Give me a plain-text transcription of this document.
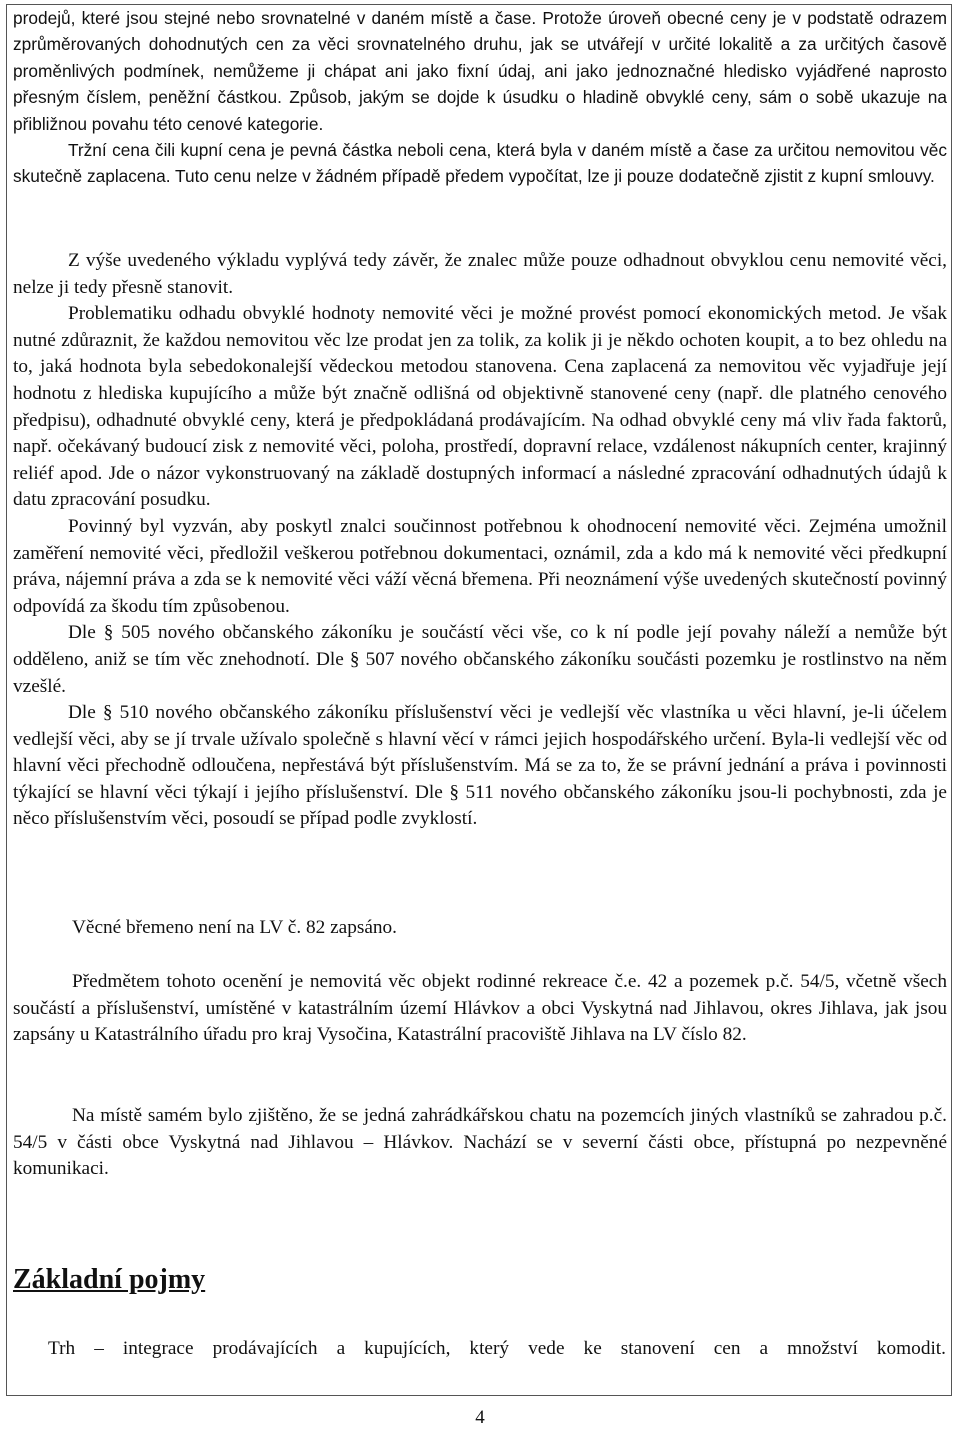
prodejů, které jsou stejné nebo srovnatelné v daném místě a čase. Protože úroveň obecné ceny je v podstatě odrazem zprůměrovaných dohodnutých cen za věci srovnatelného druhu, jak se utvářejí v určité lokalitě a za určitých časově proměnlivých podmínek, nemůžeme ji chápat ani jako fixní údaj, ani jako jednoznačné hledisko vyjádřené naprosto přesným číslem, peněžní částkou. Způsob, jakým se dojde k úsudku o hladině obvyklé ceny, sám o sobě ukazuje na přibližnou povahu této cenové kategorie.

Tržní cena čili kupní cena je pevná částka neboli cena, která byla v daném místě a čase za určitou nemovitou věc skutečně zaplacena. Tuto cenu nelze v žádném případě předem vypočítat, lze ji pouze dodatečně zjistit z kupní smlouvy.

Z výše uvedeného výkladu vyplývá tedy závěr, že znalec může pouze odhadnout obvyklou cenu nemovité věci, nelze ji tedy přesně stanovit.

Problematiku odhadu obvyklé hodnoty nemovité věci je možné provést pomocí ekonomických metod. Je však nutné zdůraznit, že každou nemovitou věc lze prodat jen za tolik, za kolik ji je někdo ochoten koupit, a to bez ohledu na to, jaká hodnota byla sebedokonalejší vědeckou metodou stanovena. Cena zaplacená za nemovitou věc vyjadřuje její hodnotu z hlediska kupujícího a může být značně odlišná od objektivně stanovené ceny (např. dle platného cenového předpisu), odhadnuté obvyklé ceny, která je předpokládaná prodávajícím. Na odhad obvyklé ceny má vliv řada faktorů, např. očekávaný budoucí zisk z nemovité věci, poloha, prostředí, dopravní relace, vzdálenost nákupních center, krajinný reliéf apod. Jde o názor vykonstruovaný na základě dostupných informací a následné zpracování odhadnutých údajů k datu zpracování posudku.

Povinný byl vyzván, aby poskytl znalci součinnost potřebnou k ohodnocení nemovité věci. Zejména umožnil zaměření nemovité věci, předložil veškerou potřebnou dokumentaci, oznámil, zda a kdo má k nemovité věci předkupní práva, nájemní práva a zda se k nemovité věci váží věcná břemena. Při neoznámení výše uvedených skutečností povinný odpovídá za škodu tím způsobenou.

Dle § 505 nového občanského zákoníku je součástí věci vše, co k ní podle její povahy náleží a nemůže být odděleno, aniž se tím věc znehodnotí. Dle § 507 nového občanského zákoníku součásti pozemku je rostlinstvo na něm vzešlé.

Dle § 510 nového občanského zákoníku příslušenství věci je vedlejší věc vlastníka u věci hlavní, je-li účelem vedlejší věci, aby se jí trvale užívalo společně s hlavní věcí v rámci jejich hospodářského určení. Byla-li vedlejší věc od hlavní věci přechodně odloučena, nepřestává být příslušenstvím. Má se za to, že se právní jednání a práva i povinnosti týkající se hlavní věci týkají i jejího příslušenství. Dle § 511 nového občanského zákoníku jsou-li pochybnosti, zda je něco příslušenstvím věci, posoudí se případ podle zvyklostí.

Věcné břemeno není na LV č. 82 zapsáno.

Předmětem tohoto ocenění je nemovitá věc objekt rodinné rekreace č.e. 42 a pozemek p.č. 54/5, včetně všech součástí a příslušenství, umístěné v katastrálním území Hlávkov a obci Vyskytná nad Jihlavou, okres Jihlava, jak jsou zapsány u Katastrálního úřadu pro kraj Vysočina, Katastrální pracoviště Jihlava na LV číslo 82.

Na místě samém bylo zjištěno, že se jedná zahrádkářskou chatu na pozemcích jiných vlastníků se zahradou p.č. 54/5 v části obce Vyskytná nad Jihlavou – Hlávkov. Nachází se v severní části obce, přístupná po nezpevněné komunikaci.

Základní pojmy
Trh – integrace prodávajících a kupujících, který vede ke stanovení cen a množství komodit.
4
